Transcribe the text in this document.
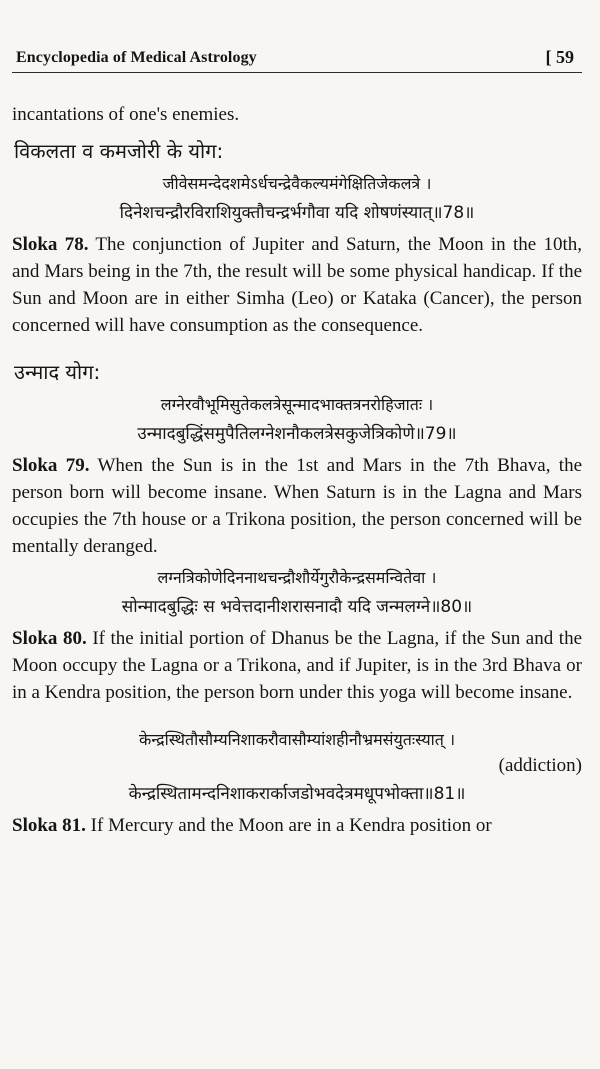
Encyclopedia of Medical Astrology	[ 59

incantations of one's enemies.

विकलता व कमजोरी के योग:
जीवेसमन्देदशमेऽर्धचन्द्रेवैकल्यमंगेक्षितिजेकलत्रे ।
दिनेशचन्द्रौरविराशियुक्तौचन्द्रर्भगौवा यदि शोषणंस्यात्॥78॥

Sloka 78. The conjunction of Jupiter and Saturn, the Moon in the 10th, and Mars being in the 7th, the result will be some physical handicap. If the Sun and Moon are in either Simha (Leo) or Kataka (Cancer), the person concerned will have consumption as the consequence.

उन्माद योग:
लग्नेरवौभूमिसुतेकलत्रेसून्मादभाक्तत्रनरोहिजातः ।
उन्मादबुद्धिंसमुपैतिलग्नेशनौकलत्रेसकुजेत्रिकोणे॥79॥

Sloka 79. When the Sun is in the 1st and Mars in the 7th Bhava, the person born will become insane. When Saturn is in the Lagna and Mars occupies the 7th house or a Trikona position, the person concerned will be mentally deranged.

लग्नत्रिकोणेदिननाथचन्द्रौशौर्येगुरौकेन्द्रसमन्वितेवा ।
सोन्मादबुद्धिः स भवेत्तदानीशरासनादौ यदि जन्मलग्ने॥80॥

Sloka 80. If the initial portion of Dhanus be the Lagna, if the Sun and the Moon occupy the Lagna or a Trikona, and if Jupiter, is in the 3rd Bhava or in a Kendra position, the person born under this yoga will become insane.

केन्द्रस्थितौसौम्यनिशाकरौवासौम्यांशहीनौभ्रमसंयुतःस्यात् ।
(addiction)
केन्द्रस्थितामन्दनिशाकरार्काजडोभवदेत्रमधूपभोक्ता॥81॥

Sloka 81. If Mercury and the Moon are in a Kendra position or
